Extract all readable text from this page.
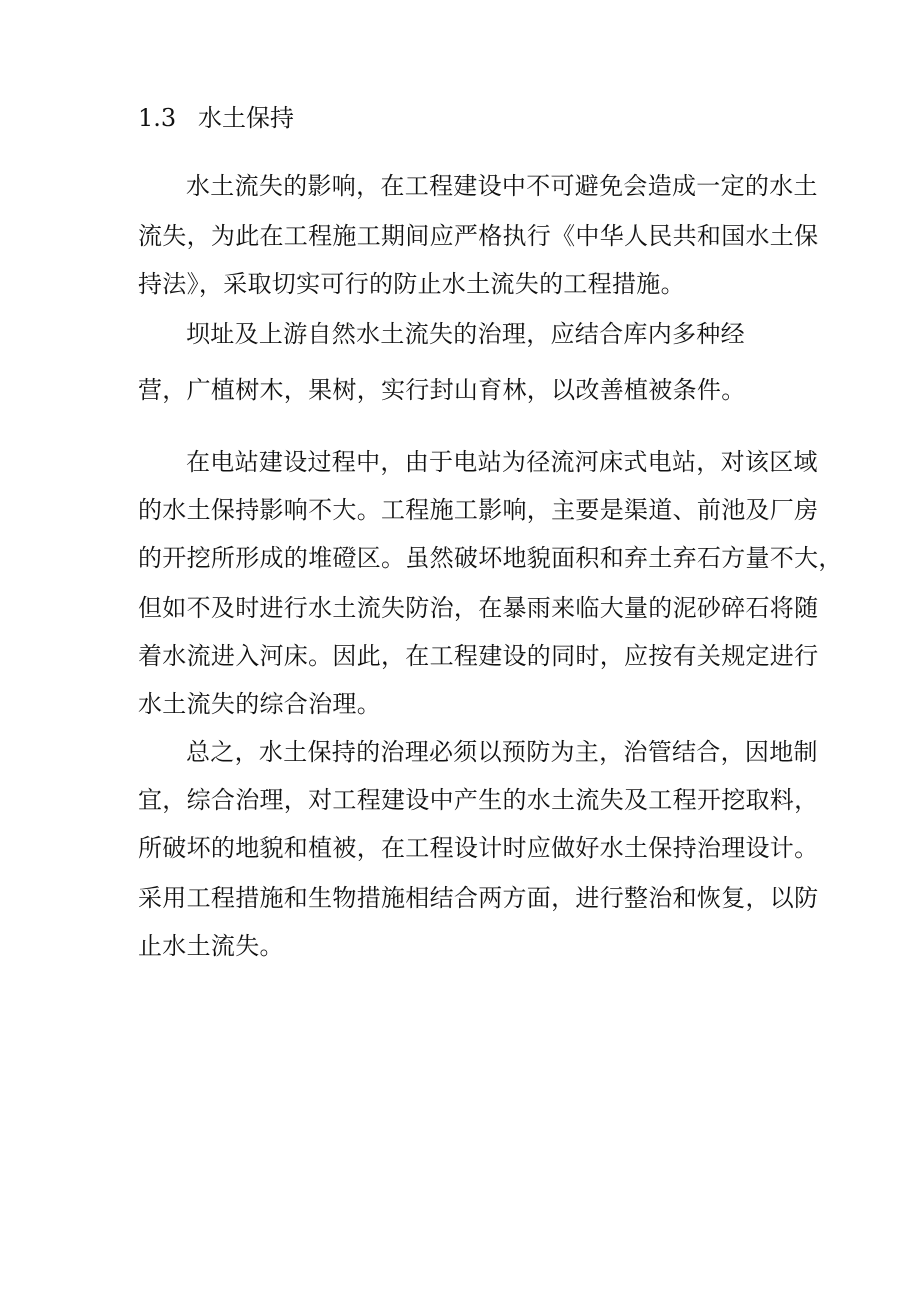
1.3 水土保持
水土流失的影响，在工程建设中不可避免会造成一定的水土
流失，为此在工程施工期间应严格执行《中华人民共和国水土保
持法》，采取切实可行的防止水土流失的工程措施。
坝址及上游自然水土流失的治理，应结合库内多种经
营，广植树木，果树，实行封山育林，以改善植被条件。
在电站建设过程中，由于电站为径流河床式电站，对该区域
的水土保持影响不大。工程施工影响，主要是渠道、前池及厂房
的开挖所形成的堆磴区。虽然破坏地貌面积和弃土弃石方量不大，
但如不及时进行水土流失防治，在暴雨来临大量的泥砂碎石将随
着水流进入河床。因此，在工程建设的同时，应按有关规定进行
水土流失的综合治理。
总之，水土保持的治理必须以预防为主，治管结合，因地制
宜，综合治理，对工程建设中产生的水土流失及工程开挖取料，
所破坏的地貌和植被，在工程设计时应做好水土保持治理设计。
采用工程措施和生物措施相结合两方面，进行整治和恢复，以防
止水土流失。
